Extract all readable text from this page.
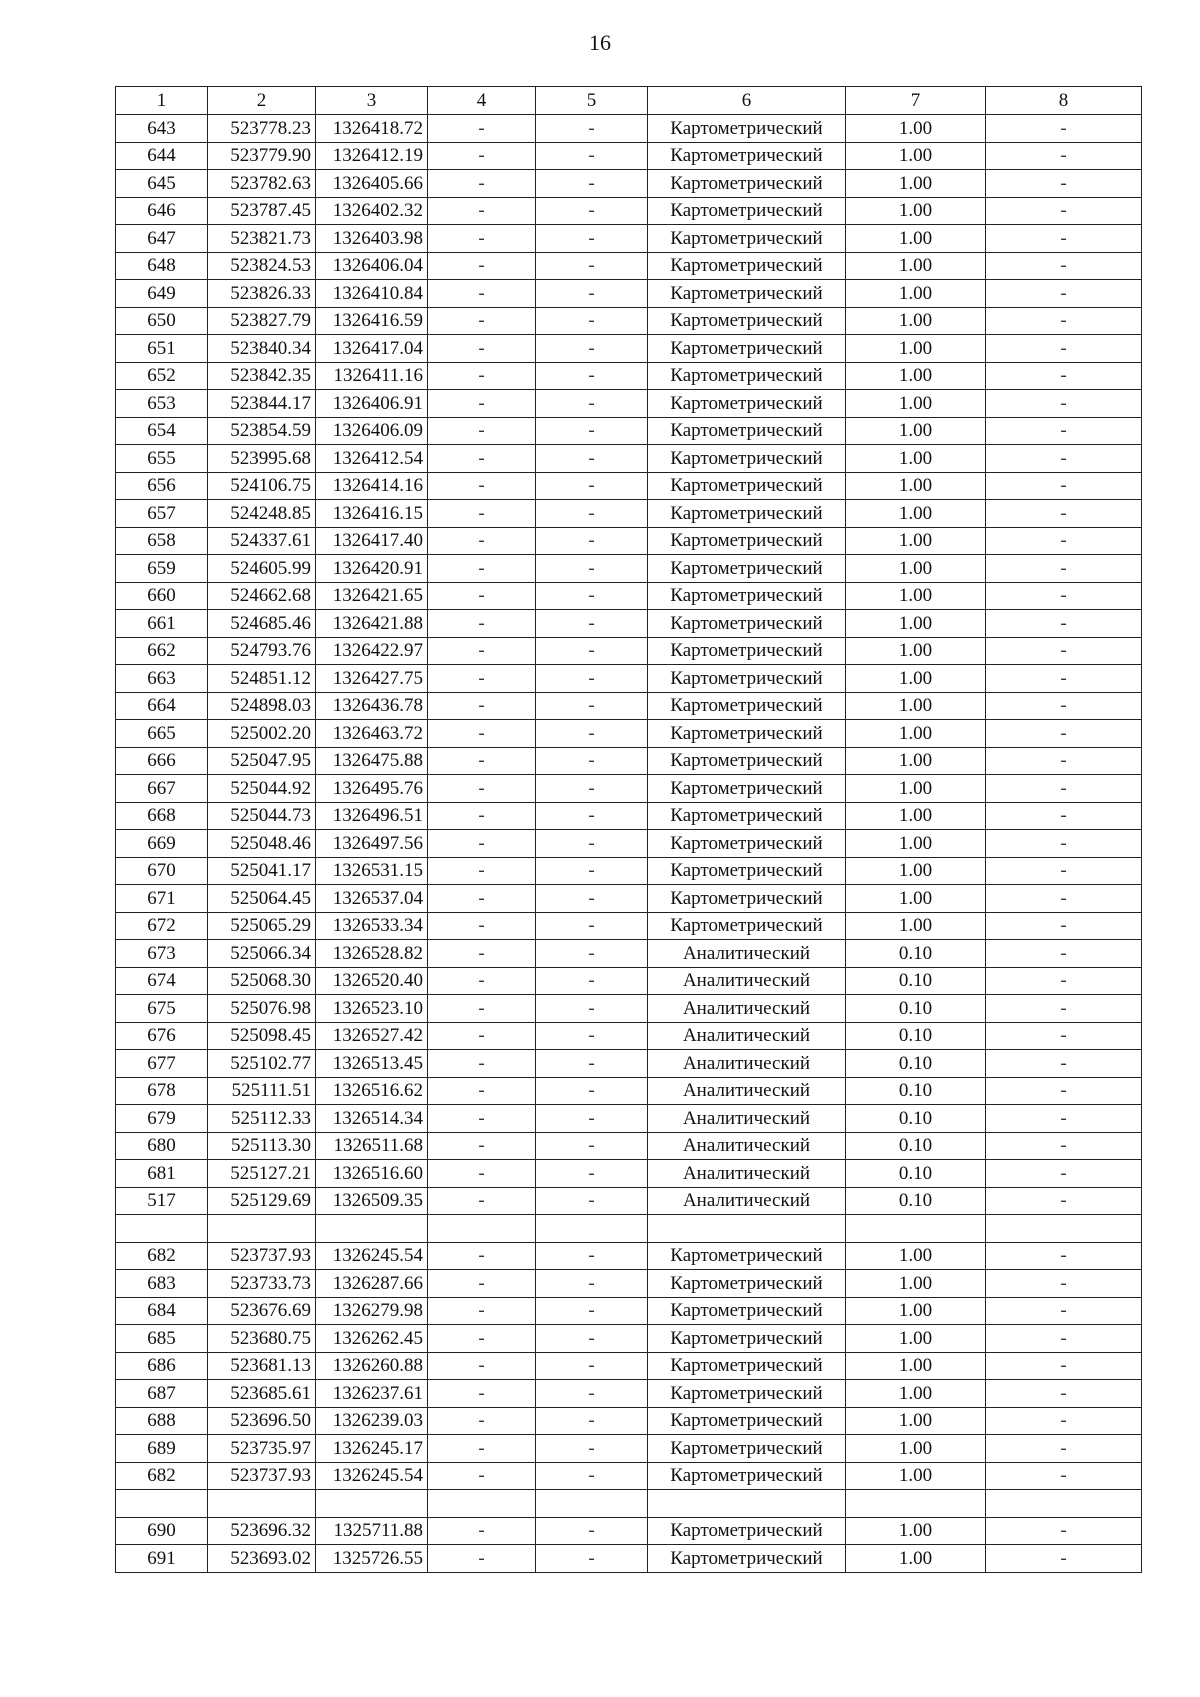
16
1	2	3	4	5	6	7	8
643	523778.23	1326418.72	-	-	Картометрический	1.00	-
644	523779.90	1326412.19	-	-	Картометрический	1.00	-
645	523782.63	1326405.66	-	-	Картометрический	1.00	-
646	523787.45	1326402.32	-	-	Картометрический	1.00	-
647	523821.73	1326403.98	-	-	Картометрический	1.00	-
648	523824.53	1326406.04	-	-	Картометрический	1.00	-
649	523826.33	1326410.84	-	-	Картометрический	1.00	-
650	523827.79	1326416.59	-	-	Картометрический	1.00	-
651	523840.34	1326417.04	-	-	Картометрический	1.00	-
652	523842.35	1326411.16	-	-	Картометрический	1.00	-
653	523844.17	1326406.91	-	-	Картометрический	1.00	-
654	523854.59	1326406.09	-	-	Картометрический	1.00	-
655	523995.68	1326412.54	-	-	Картометрический	1.00	-
656	524106.75	1326414.16	-	-	Картометрический	1.00	-
657	524248.85	1326416.15	-	-	Картометрический	1.00	-
658	524337.61	1326417.40	-	-	Картометрический	1.00	-
659	524605.99	1326420.91	-	-	Картометрический	1.00	-
660	524662.68	1326421.65	-	-	Картометрический	1.00	-
661	524685.46	1326421.88	-	-	Картометрический	1.00	-
662	524793.76	1326422.97	-	-	Картометрический	1.00	-
663	524851.12	1326427.75	-	-	Картометрический	1.00	-
664	524898.03	1326436.78	-	-	Картометрический	1.00	-
665	525002.20	1326463.72	-	-	Картометрический	1.00	-
666	525047.95	1326475.88	-	-	Картометрический	1.00	-
667	525044.92	1326495.76	-	-	Картометрический	1.00	-
668	525044.73	1326496.51	-	-	Картометрический	1.00	-
669	525048.46	1326497.56	-	-	Картометрический	1.00	-
670	525041.17	1326531.15	-	-	Картометрический	1.00	-
671	525064.45	1326537.04	-	-	Картометрический	1.00	-
672	525065.29	1326533.34	-	-	Картометрический	1.00	-
673	525066.34	1326528.82	-	-	Аналитический	0.10	-
674	525068.30	1326520.40	-	-	Аналитический	0.10	-
675	525076.98	1326523.10	-	-	Аналитический	0.10	-
676	525098.45	1326527.42	-	-	Аналитический	0.10	-
677	525102.77	1326513.45	-	-	Аналитический	0.10	-
678	525111.51	1326516.62	-	-	Аналитический	0.10	-
679	525112.33	1326514.34	-	-	Аналитический	0.10	-
680	525113.30	1326511.68	-	-	Аналитический	0.10	-
681	525127.21	1326516.60	-	-	Аналитический	0.10	-
517	525129.69	1326509.35	-	-	Аналитический	0.10	-

682	523737.93	1326245.54	-	-	Картометрический	1.00	-
683	523733.73	1326287.66	-	-	Картометрический	1.00	-
684	523676.69	1326279.98	-	-	Картометрический	1.00	-
685	523680.75	1326262.45	-	-	Картометрический	1.00	-
686	523681.13	1326260.88	-	-	Картометрический	1.00	-
687	523685.61	1326237.61	-	-	Картометрический	1.00	-
688	523696.50	1326239.03	-	-	Картометрический	1.00	-
689	523735.97	1326245.17	-	-	Картометрический	1.00	-
682	523737.93	1326245.54	-	-	Картометрический	1.00	-

690	523696.32	1325711.88	-	-	Картометрический	1.00	-
691	523693.02	1325726.55	-	-	Картометрический	1.00	-
